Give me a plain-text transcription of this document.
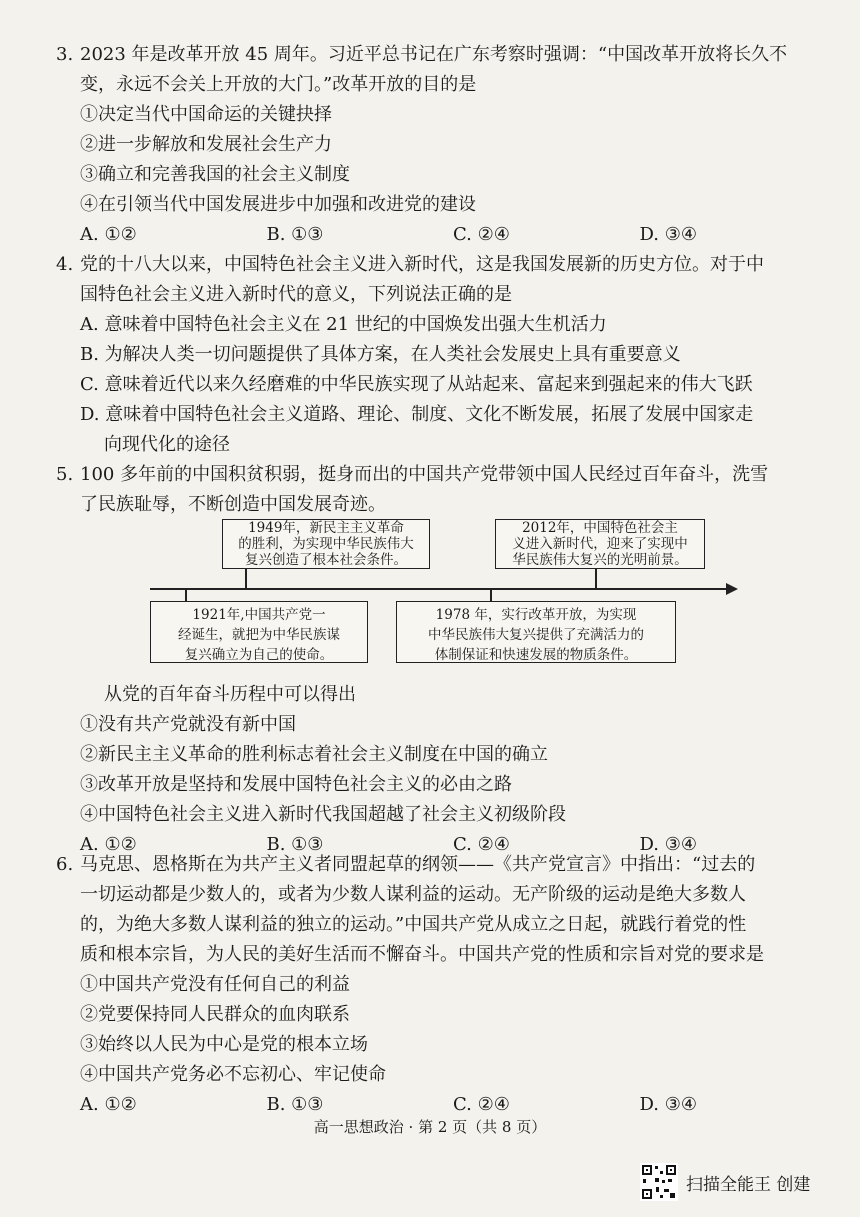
3. 2023 年是改革开放 45 周年。习近平总书记在广东考察时强调：“中国改革开放将长久不
变，永远不会关上开放的大门。”改革开放的目的是
①决定当代中国命运的关键抉择
②进一步解放和发展社会生产力
③确立和完善我国的社会主义制度
④在引领当代中国发展进步中加强和改进党的建设
A. ①②	B. ①③	C. ②④	D. ③④
4. 党的十八大以来，中国特色社会主义进入新时代，这是我国发展新的历史方位。对于中
国特色社会主义进入新时代的意义，下列说法正确的是
A. 意味着中国特色社会主义在 21 世纪的中国焕发出强大生机活力
B. 为解决人类一切问题提供了具体方案，在人类社会发展史上具有重要意义
C. 意味着近代以来久经磨难的中华民族实现了从站起来、富起来到强起来的伟大飞跃
D. 意味着中国特色社会主义道路、理论、制度、文化不断发展，拓展了发展中国家走
向现代化的途径
5. 100 多年前的中国积贫积弱，挺身而出的中国共产党带领中国人民经过百年奋斗，洗雪
了民族耻辱，不断创造中国发展奇迹。
1949年，新民主主义革命
的胜利，为实现中华民族伟大
复兴创造了根本社会条件。
2012年，中国特色社会主
义进入新时代，迎来了实现中
华民族伟大复兴的光明前景。
1921年,中国共产党一
经诞生，就把为中华民族谋
复兴确立为自己的使命。
1978 年，实行改革开放，为实现
中华民族伟大复兴提供了充满活力的
体制保证和快速发展的物质条件。
从党的百年奋斗历程中可以得出
①没有共产党就没有新中国
②新民主主义革命的胜利标志着社会主义制度在中国的确立
③改革开放是坚持和发展中国特色社会主义的必由之路
④中国特色社会主义进入新时代我国超越了社会主义初级阶段
A. ①②	B. ①③	C. ②④	D. ③④
6. 马克思、恩格斯在为共产主义者同盟起草的纲领——《共产党宣言》中指出：“过去的
一切运动都是少数人的，或者为少数人谋利益的运动。无产阶级的运动是绝大多数人
的，为绝大多数人谋利益的独立的运动。”中国共产党从成立之日起，就践行着党的性
质和根本宗旨，为人民的美好生活而不懈奋斗。中国共产党的性质和宗旨对党的要求是
①中国共产党没有任何自己的利益
②党要保持同人民群众的血肉联系
③始终以人民为中心是党的根本立场
④中国共产党务必不忘初心、牢记使命
A. ①②	B. ①③	C. ②④	D. ③④
高一思想政治 · 第 2 页（共 8 页）
扫描全能王 创建
